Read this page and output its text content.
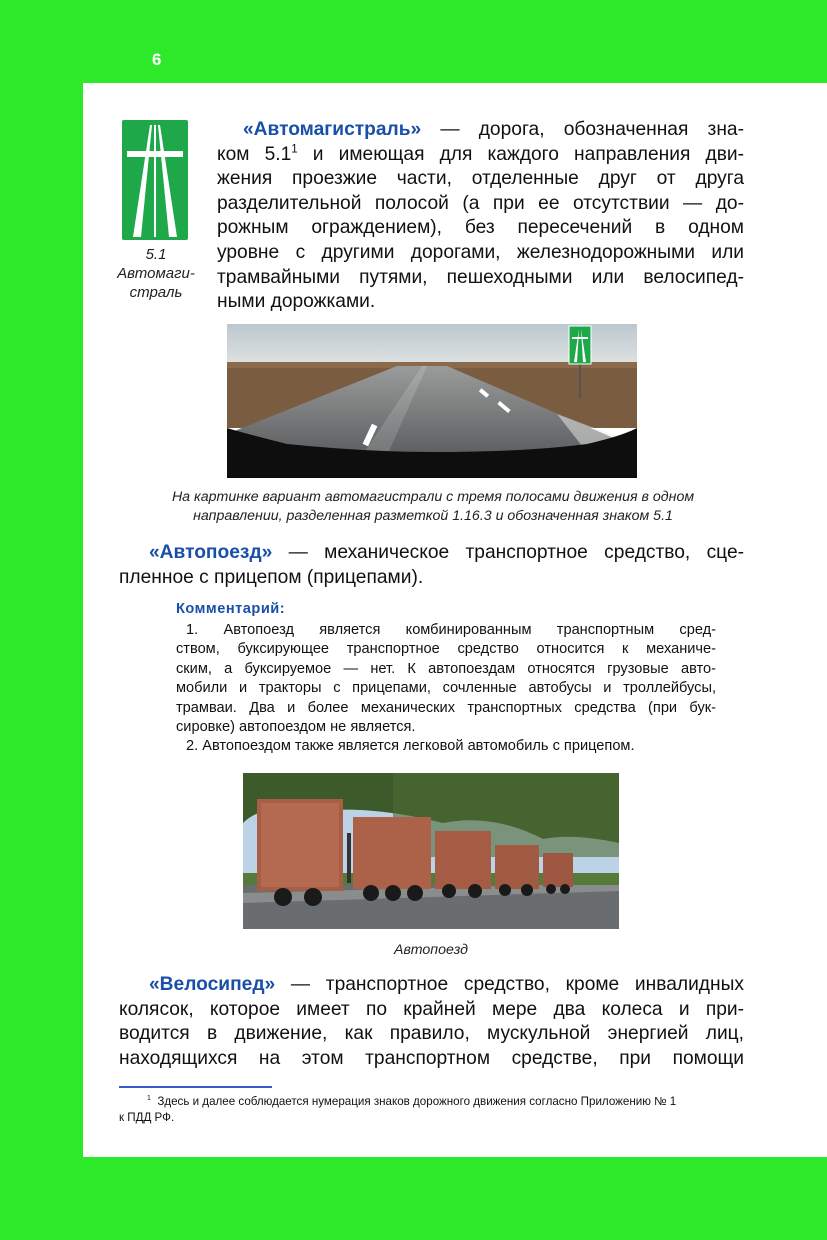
6
5.1
Автомаги-
страль
«Автомагистраль» — дорога, обозначенная зна-
ком $5.1^1$ и имеющая для каждого направления дви-
жения проезжие части, отделенные друг от друга
разделительной полосой (а при ее отсутствии — до-
рожным ограждением), без пересечений в одном
уровне с другими дорогами, железнодорожными или
трамвайными путями, пешеходными или велосипед-
ными дорожками.
На картинке вариант автомагистрали с тремя полосами движения в одном
направлении, разделенная разметкой 1.16.3 и обозначенная знаком 5.1
«Автопоезд» — механическое транспортное средство, сце-
пленное с прицепом (прицепами).
Комментарий:
1. Автопоезд является комбинированным транспортным сред-
ством, буксирующее транспортное средство относится к механиче-
ским, а буксируемое — нет. К автопоездам относятся грузовые авто-
мобили и тракторы с прицепами, сочленные автобусы и троллейбусы,
трамваи. Два и более механических транспортных средства (при бук-
сировке) автопоездом не является.
2. Автопоездом также является легковой автомобиль с прицепом.
Автопоезд
«Велосипед» — транспортное средство, кроме инвалидных
колясок, которое имеет по крайней мере два колеса и при-
водится в движение, как правило, мускульной энергией лиц,
находящихся на этом транспортном средстве, при помощи
$^1$ Здесь и далее соблюдается нумерация знаков дорожного движения согласно Приложению № 1
к ПДД РФ.
